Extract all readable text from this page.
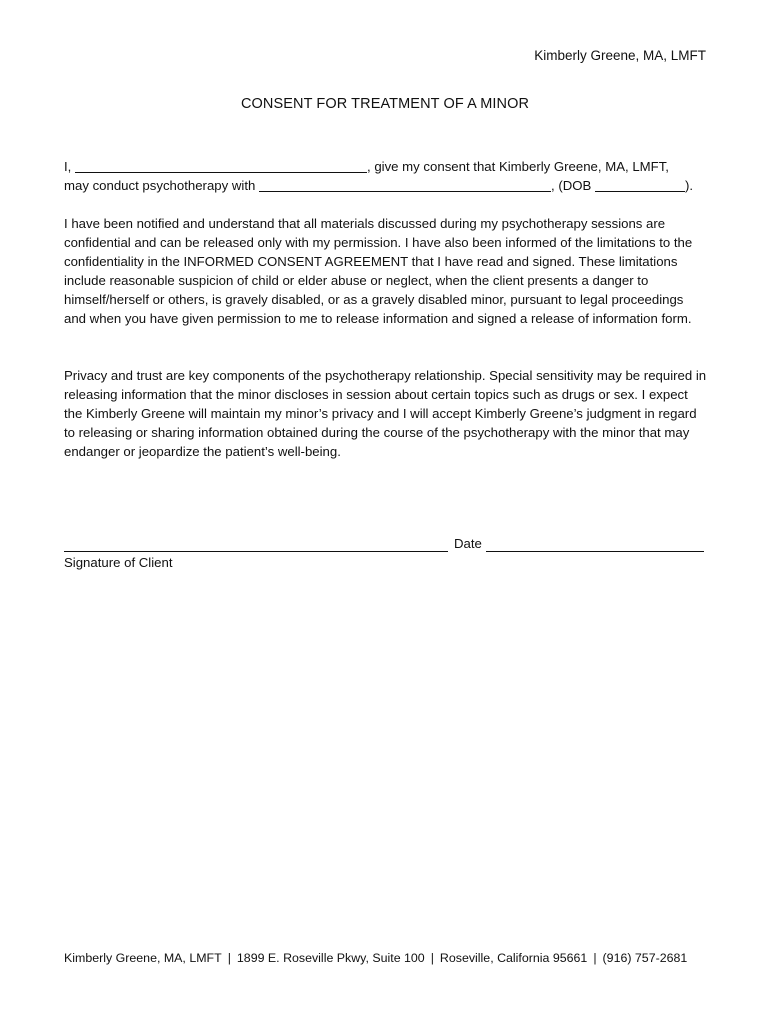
Kimberly Greene, MA, LMFT
CONSENT FOR TREATMENT OF A MINOR
I,	, give my consent that Kimberly Greene, MA, LMFT,
may conduct psychotherapy with	, (DOB	).
I have been notified and understand that all materials discussed during my psychotherapy sessions are confidential and can be released only with my permission. I have also been informed of the limitations to the confidentiality in the INFORMED CONSENT AGREEMENT that I have read and signed. These limitations include reasonable suspicion of child or elder abuse or neglect, when the client presents a danger to himself/herself or others, is gravely disabled, or as a gravely disabled minor, pursuant to legal proceedings and when you have given permission to me to release information and signed a release of information form.
Privacy and trust are key components of the psychotherapy relationship. Special sensitivity may be required in releasing information that the minor discloses in session about certain topics such as drugs or sex. I expect the Kimberly Greene will maintain my minor’s privacy and I will accept Kimberly Greene’s judgment in regard to releasing or sharing information obtained during the course of the psychotherapy with the minor that may endanger or jeopardize the patient’s well-being.
Date
Signature of Client
Kimberly Greene, MA, LMFT | 1899 E. Roseville Pkwy, Suite 100 | Roseville, California 95661 | (916) 757-2681
